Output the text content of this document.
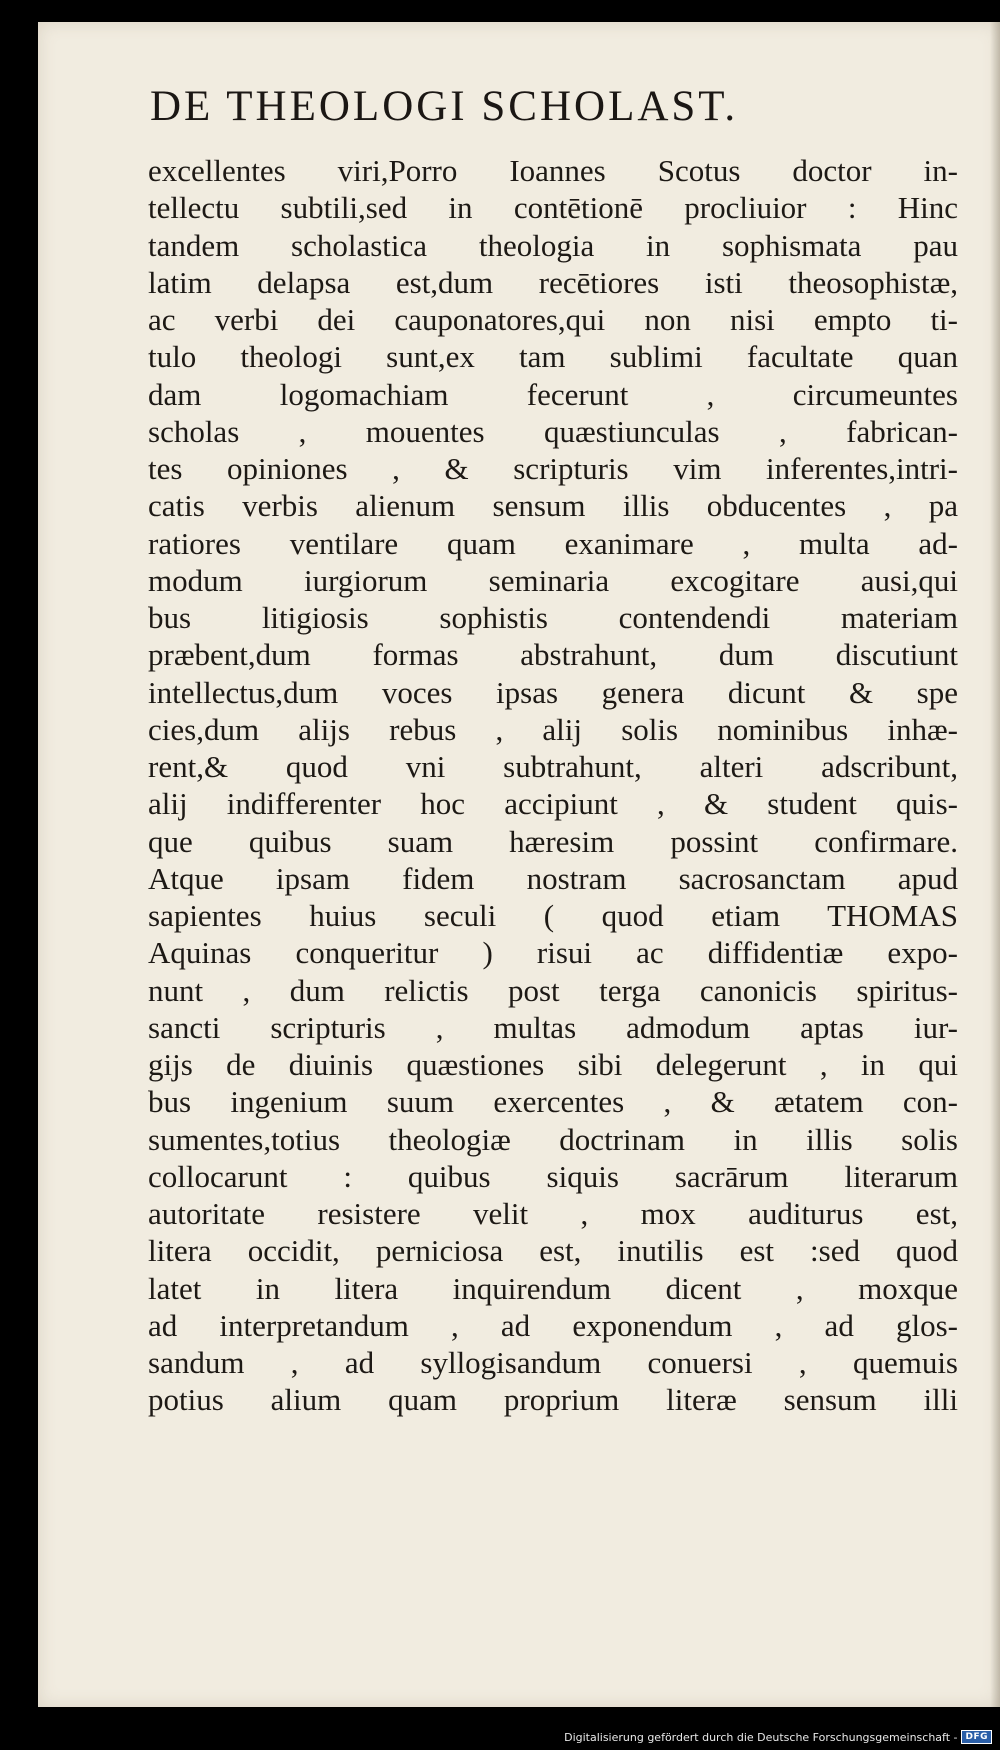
DE THEOLOGI SCHOLAST.
excellentes viri,Porro Ioannes Scotus doctor in-
tellectu subtili,sed in contētionē procliuior : Hinc
tandem scholastica theologia in sophismata pau
latim delapsa est,dum recētiores isti theosophistæ,
ac verbi dei cauponatores,qui non nisi empto ti-
tulo theologi sunt,ex tam sublimi facultate quan
dam logomachiam fecerunt , circumeuntes
scholas , mouentes quæstiunculas , fabrican-
tes opiniones , & scripturis vim inferentes,intri-
catis verbis alienum sensum illis obducentes , pa
ratiores ventilare quam exanimare , multa ad-
modum iurgiorum seminaria excogitare ausi,qui
bus litigiosis sophistis contendendi materiam
præbent,dum formas abstrahunt, dum discutiunt
intellectus,dum voces ipsas genera dicunt & spe
cies,dum alijs rebus , alij solis nominibus inhæ-
rent,& quod vni subtrahunt, alteri adscribunt,
alij indifferenter hoc accipiunt , & student quis-
que quibus suam hæresim possint confirmare.
Atque ipsam fidem nostram sacrosanctam apud
sapientes huius seculi ( quod etiam THOMAS
Aquinas conqueritur ) risui ac diffidentiæ expo-
nunt , dum relictis post terga canonicis spiritus-
sancti scripturis , multas admodum aptas iur-
gijs de diuinis quæstiones sibi delegerunt , in qui
bus ingenium suum exercentes , & ætatem con-
sumentes,totius theologiæ doctrinam in illis solis
collocarunt : quibus siquis sacrārum literarum
autoritate resistere velit , mox auditurus est,
litera occidit, perniciosa est, inutilis est :sed quod
latet in litera inquirendum dicent , moxque
ad interpretandum , ad exponendum , ad glos-
sandum , ad syllogisandum conuersi , quemuis
potius alium quam proprium literæ sensum illi
Digitalisierung gefördert durch die Deutsche Forschungsgemeinschaft - DFG
